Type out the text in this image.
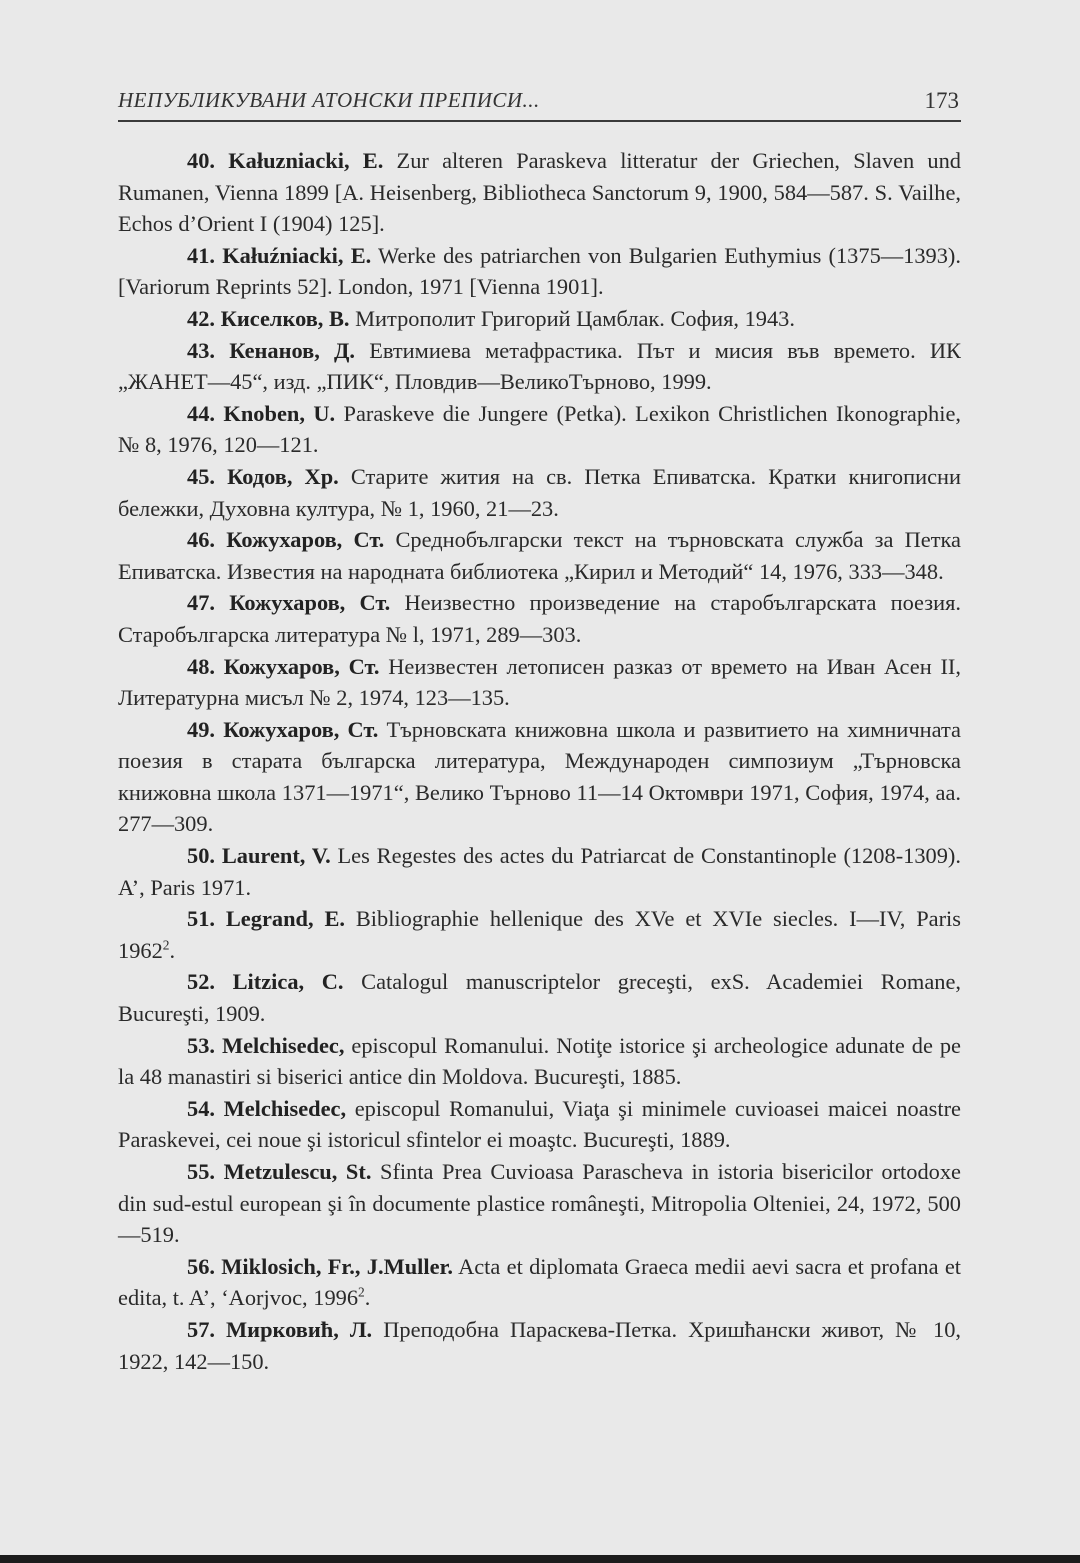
НЕПУБЛИКУВАНИ АТОНСКИ ПРЕПИСИ...	173

40. Kałuzniacki, E. Zur alteren Paraskeva litteratur der Griechen, Slaven und Rumanen, Vienna 1899 [A. Heisenberg, Bibliotheca Sanctorum 9, 1900, 584—587. S. Vailhe, Echos d’Orient I (1904) 125].

41. Kałuźniacki, E. Werke des patriarchen von Bulgarien Euthymius (1375—1393). [Variorum Reprints 52]. London, 1971 [Vienna 1901].

42. Киселков, В. Митрополит Григорий Цамблак. София, 1943.

43. Кенанов, Д. Евтимиева метафрастика. Път и мисия във времето. ИК „ЖАНЕТ—45“, изд. „ПИК“, Пловдив—ВеликоТърново, 1999.

44. Knoben, U. Paraskeve die Jungere (Petka). Lexikon Christlichen Ikonographie, № 8, 1976, 120—121.

45. Кодов, Хр. Старите жития на св. Петка Епиватска. Кратки книгописни бележки, Духовна култура, № 1, 1960, 21—23.

46. Кожухаров, Ст. Среднобългарски текст на търновската служба за Петка Епиватска. Известия на народната библиотека „Кирил и Методий“ 14, 1976, 333—348.

47. Кожухаров, Ст. Неизвестно произведение на старобългарската поезия. Старобългарска литература № l, 1971, 289—303.

48. Кожухаров, Ст. Неизвестен летописен разказ от времето на Иван Асен II, Литературна мисъл № 2, 1974, 123—135.

49. Кожухаров, Ст. Търновската книжовна школа и развитието на химничната поезия в старата българска литература, Международен симпозиум „Търновска книжовна школа 1371—1971“, Велико Търново 11—14 Октомври 1971, София, 1974, аа. 277—309.

50. Laurent, V. Les Regestes des actes du Patriarcat de Constantinople (1208-1309). A’, Paris 1971.

51. Legrand, E. Bibliographie hellenique des XVe et XVIe siecles. I—IV, Paris 1962$^2$.

52. Litzica, C. Catalogul manuscriptelor greceşti, exS. Academiei Romane, Bucureşti, 1909.

53. Melchisedec, episcopul Romanului. Notiţe istorice şi archeologice adunate de pe la 48 manastiri si biserici antice din Moldova. Bucureşti, 1885.

54. Melchisedec, episcopul Romanului, Viaţa şi minimele cuvioasei maicei noastre Paraskevei, cei noue şi istoricul sfintelor ei moaştc. Bucureşti, 1889.

55. Metzulescu, St. Sfinta Prea Cuvioasa Parascheva in istoria bisericilor ortodoxe din sud-estul european şi în documente plastice româneşti, Mitropolia Olteniei, 24, 1972, 500—519.

56. Miklosich, Fr., J.Muller. Acta et diplomata Graeca medii aevi sacra et profana et edita, t. A’, ‘Aorjvoc, 1996$^2$.

57. Мирковић, Л. Преподобна Параскева-Петка. Хришћански живот, № 10, 1922, 142—150.
